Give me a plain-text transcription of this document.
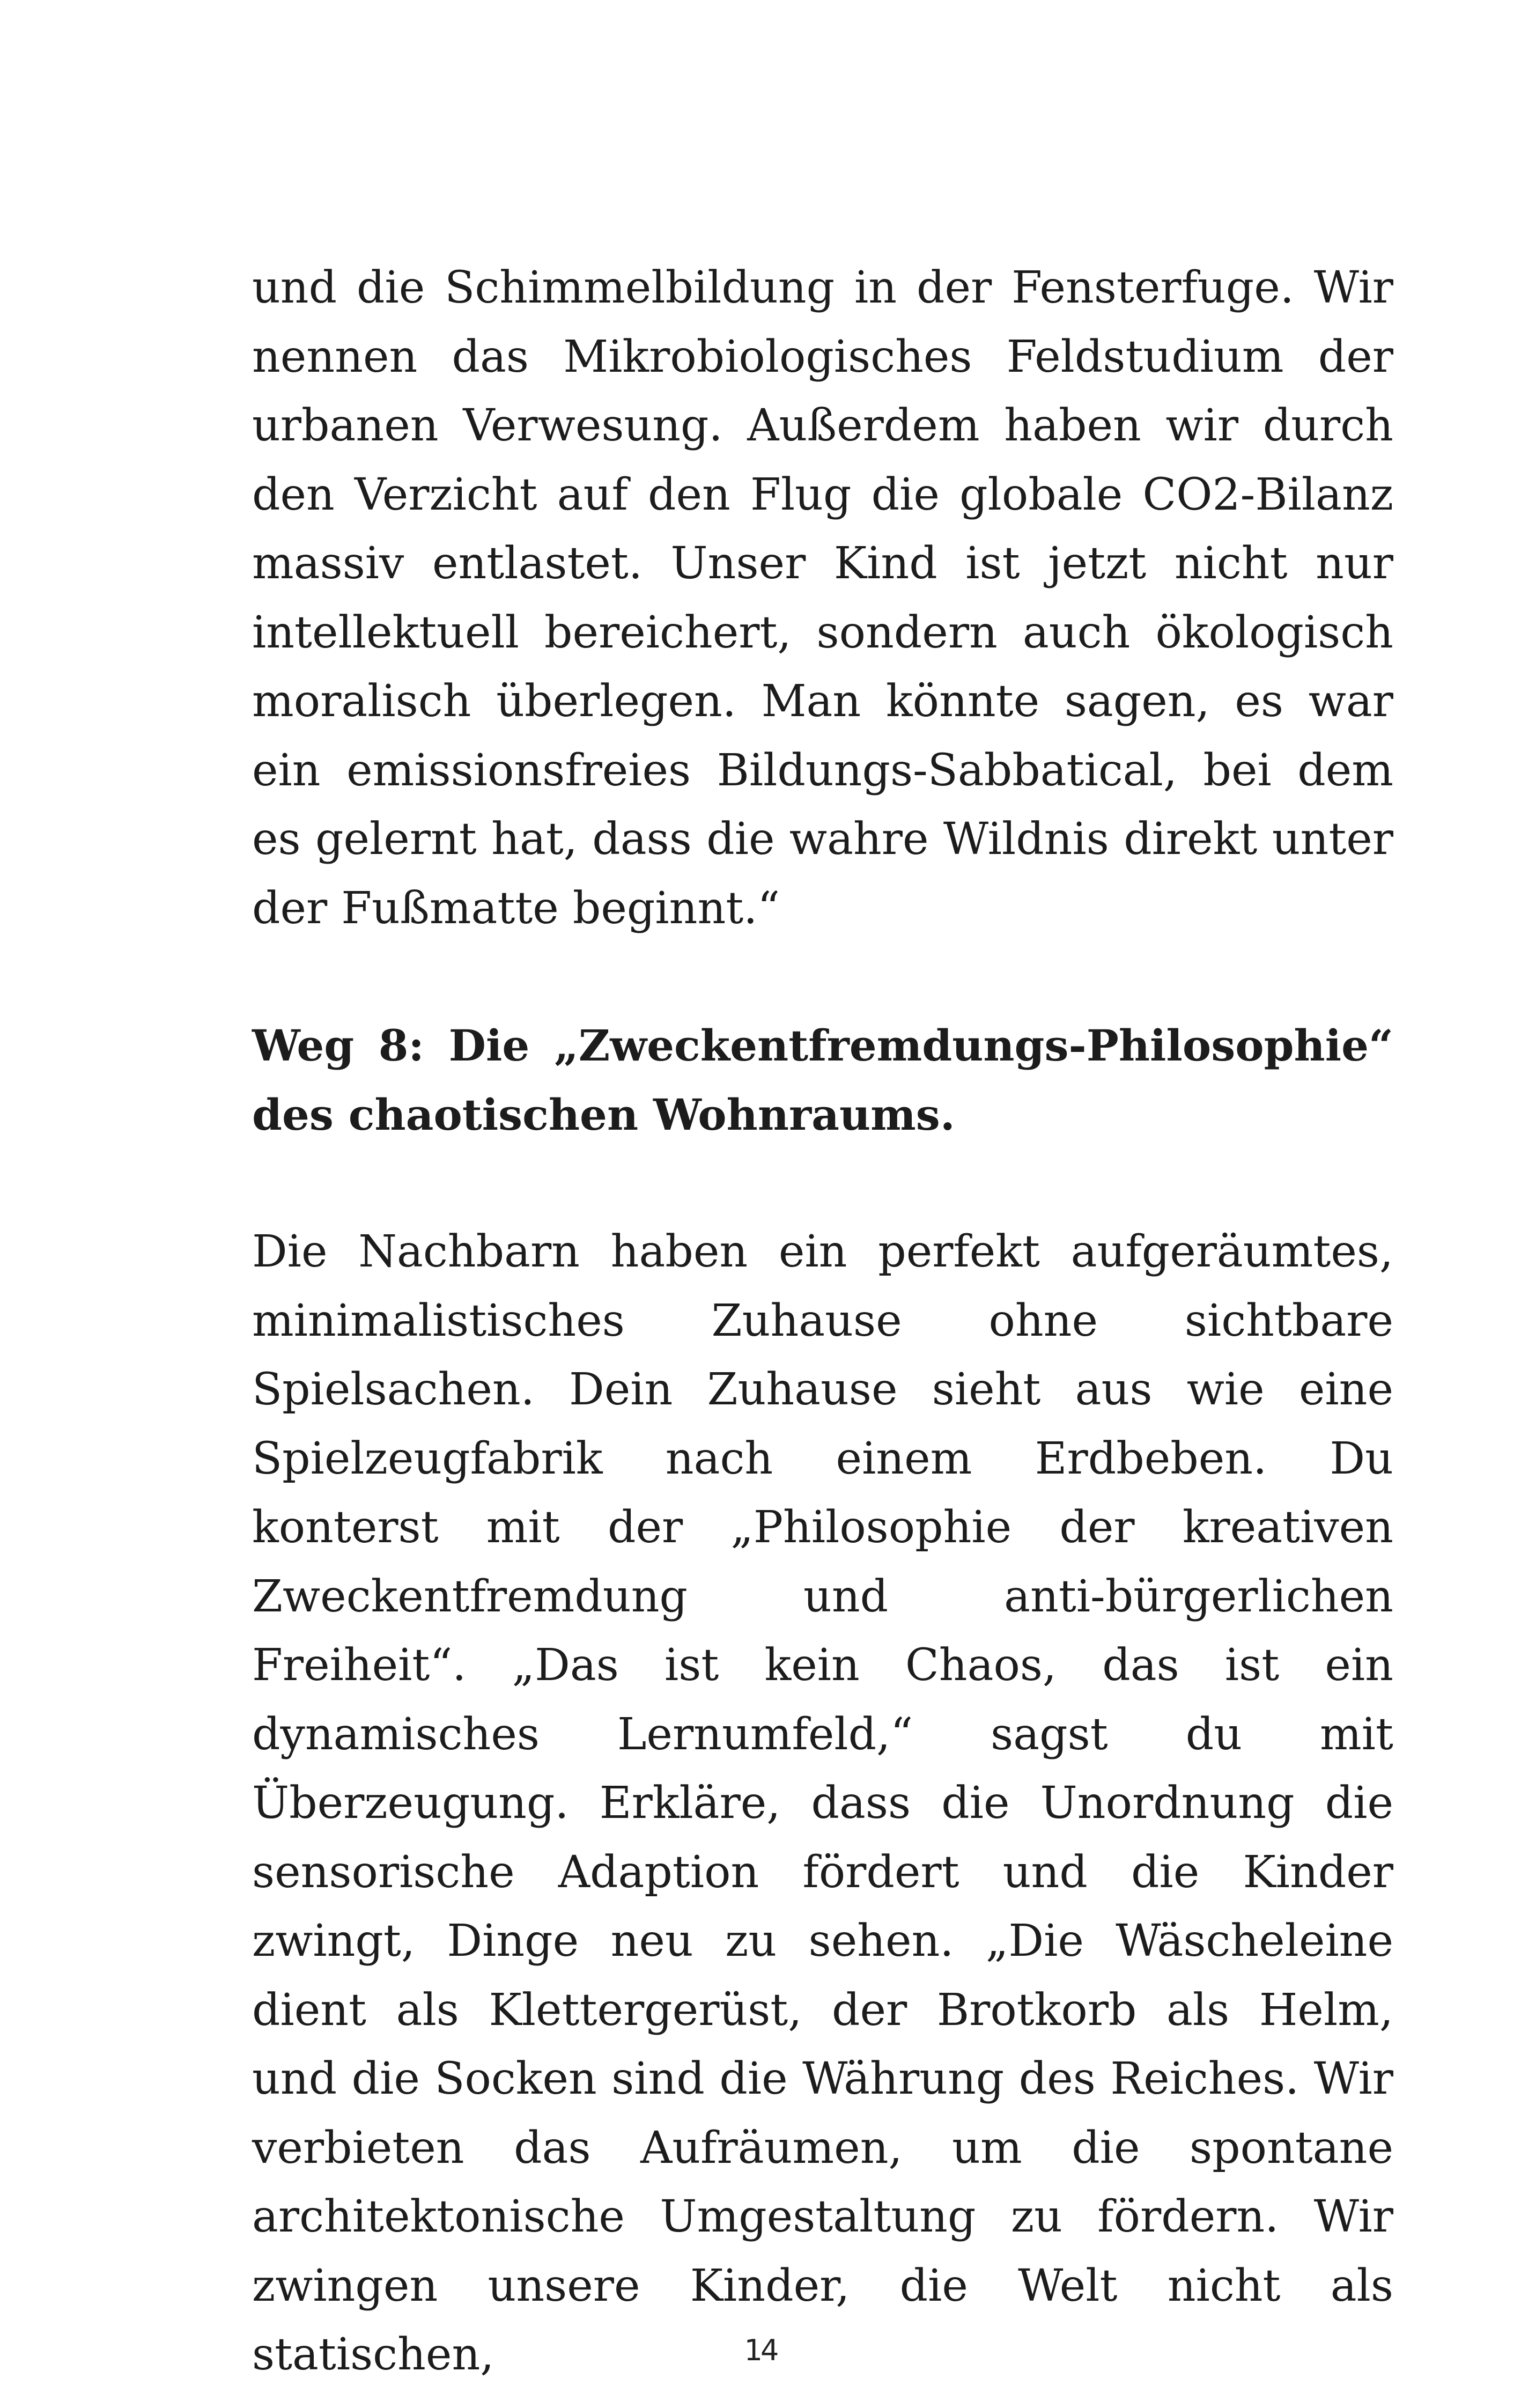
und die Schimmelbildung in der Fensterfuge. Wir nennen das Mikrobiologisches Feldstudium der urbanen Verwesung. Außerdem haben wir durch den Verzicht auf den Flug die globale CO2-Bilanz massiv entlastet. Unser Kind ist jetzt nicht nur intellektuell bereichert, sondern auch ökologisch moralisch überlegen. Man könnte sagen, es war ein emissionsfreies Bildungs-Sabbatical, bei dem es gelernt hat, dass die wahre Wildnis direkt unter der Fußmatte beginnt.“

Weg 8: Die „Zweckentfremdungs-Philosophie“ des chaotischen Wohnraums.

Die Nachbarn haben ein perfekt aufgeräumtes, minimalistisches Zuhause ohne sichtbare Spielsachen. Dein Zuhause sieht aus wie eine Spielzeugfabrik nach einem Erdbeben. Du konterst mit der „Philosophie der kreativen Zweckentfremdung und anti-bürgerlichen Freiheit“. „Das ist kein Chaos, das ist ein dynamisches Lernumfeld,“ sagst du mit Überzeugung. Erkläre, dass die Unordnung die sensorische Adaption fördert und die Kinder zwingt, Dinge neu zu sehen. „Die Wäscheleine dient als Klettergerüst, der Brotkorb als Helm, und die Socken sind die Währung des Reiches. Wir verbieten das Aufräumen, um die spontane architektonische Umgestaltung zu fördern. Wir zwingen unsere Kinder, die Welt nicht als statischen,	14
